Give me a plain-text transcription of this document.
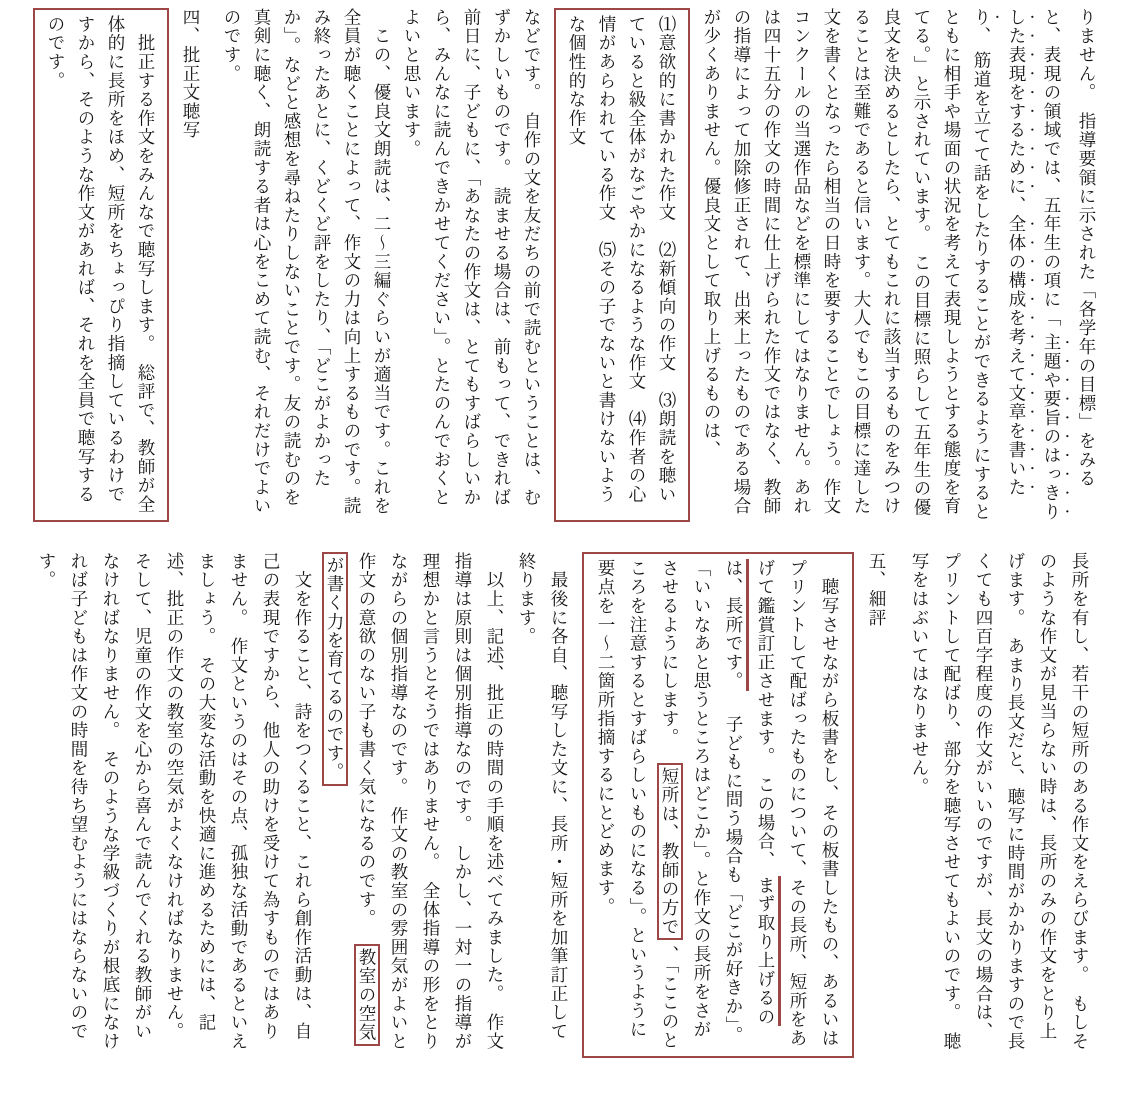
りません。　指導要領に示された「各学年の目標」をみると、表現の領域では、五年生の項に「 主題や要旨のはっきりした表現をするために、全体の構成を考えて文章を書いたり、 筋道を立てて話をしたりすることができるようにするとともに相手や場面の状況を考えて表現しようとする態度を育てる。」と示されています。　この目標に照らして五年生の優良文を決めるとしたら、とてもこれに該当するものをみつけることは至難であると信います。大人でもこの目標に達した文を書くとなったら相当の日時を要することでしょう。作文コンクールの当選作品などを標準にしてはなりません。あれは四十五分の作文の時間に仕上げられた作文ではなく、教師の指導によって加除修正されて、出来上ったものである場合が少くありません。優良文として取り上げるものは、

⑴意欲的に書かれた作文　⑵新傾向の作文　⑶朗読を聴いていると級全体がなごやかになるような作文　⑷作者の心情があらわれている作文　⑸その子でないと書けないような個性的な作文

などです。　自作の文を友だちの前で読むということは、むずかしいものです。　読ませる場合は、前もって、できれば前日に、子どもに、「あなたの作文は、とてもすばらしいから、みんなに読んできかせてください」。とたのんでおくとよいと思います。

　この、優良文朗読は、二〜三編ぐらいが適当です。これを全員が聴くことによって、作文の力は向上するものです。読み終ったあとに、くどくど評をしたり、「どこがよかったか」。などと感想を尋ねたりしないことです。友の読むのを真剣に聴く、朗読する者は心をこめて読む、それだけでよいのです。

四、批正文聴写

　批正する作文をみんなで聴写します。　総評で、教師が全体的に長所をほめ、短所をちょっぴり指摘しているわけですから、そのような作文があれば、それを全員で聴写するのです。

長所を有し、若干の短所のある作文をえらびます。　もしそのような作文が見当らない時は、長所のみの作文をとり上げます。　あまり長文だと、聴写に時間がかかりますので長くても四百字程度の作文がいいのですが、長文の場合は、プリントして配ばり、部分を聴写させてもよいのです。　聴写をはぶいてはなりません。

五、細評

　聴写させながら板書をし、その板書したもの、あるいはプリントして配ばったものについて、その長所、短所をあげて鑑賞訂正させます。　この場合、 まず取り上げるのは、長所です。 　子どもに問う場合も「どこが好きか」。「いいなあと思うところはどこか」。と作文の長所をさがさせるようにします。　 短所は、教師の方で 、「ここのところを注意するとすばらしいものになる」。というように要点を一〜二箇所指摘するにとどめます。

　最後に各自、聴写した文に、長所・短所を加筆訂正して終ります。

　以上、記述、批正の時間の手順を述べてみました。　作文指導は原則は個別指導なのです。　しかし、一対一の指導が理想かと言うとそうではありません。　全体指導の形をとりながらの個別指導なのです。　作文の教室の雰囲気がよいと作文の意欲のない子も書く気になるのです。　 教室の空気が書く力を育てるのです。

　文を作ること、詩をつくること、これら創作活動は、自己の表現ですから、他人の助けを受けて為すものではありません。　作文というのはその点、孤独な活動であるといえましょう。　その大変な活動を快適に進めるためには、記述、批正の作文の教室の空気がよくなければなりません。そして、児童の作文を心から喜んで読んでくれる教師がいなければなりません。　そのような学級づくりが根底になければ子どもは作文の時間を待ち望むようにはならないのです。
